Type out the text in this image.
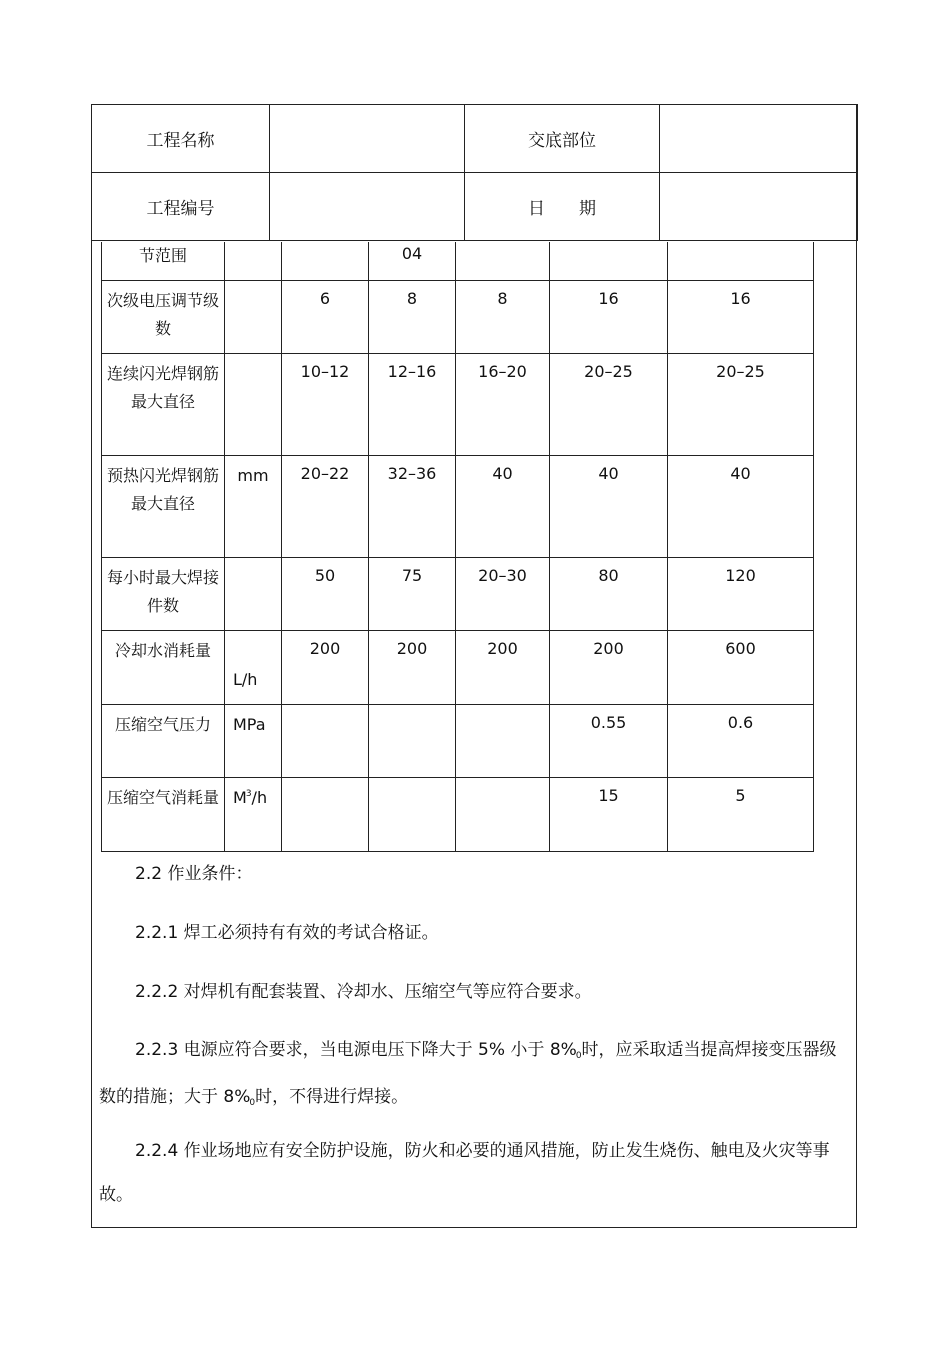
工程名称		交底部位	
工程编号		日　　期	
节范围			04			
次级电压调节级数		6	8	8	16	16
连续闪光焊钢筋最大直径		10–12	12–16	16–20	20–25	20–25
预热闪光焊钢筋最大直径	mm	20–22	32–36	40	40	40
每小时最大焊接件数		50	75	20–30	80	120
冷却水消耗量	L/h	200	200	200	200	600
压缩空气压力	MPa				0.55	0.6
压缩空气消耗量	$M^3/h$				15	5
2.2 作业条件：
2.2.1 焊工必须持有有效的考试合格证。
2.2.2 对焊机有配套装置、冷却水、压缩空气等应符合要求。
2.2.3 电源应符合要求，当电源电压下降大于 5% 小于 8%0时，应采取适当提高焊接变压器级数的措施；大于 8%0时，不得进行焊接。
2.2.4 作业场地应有安全防护设施，防火和必要的通风措施，防止发生烧伤、触电及火灾等事故。
